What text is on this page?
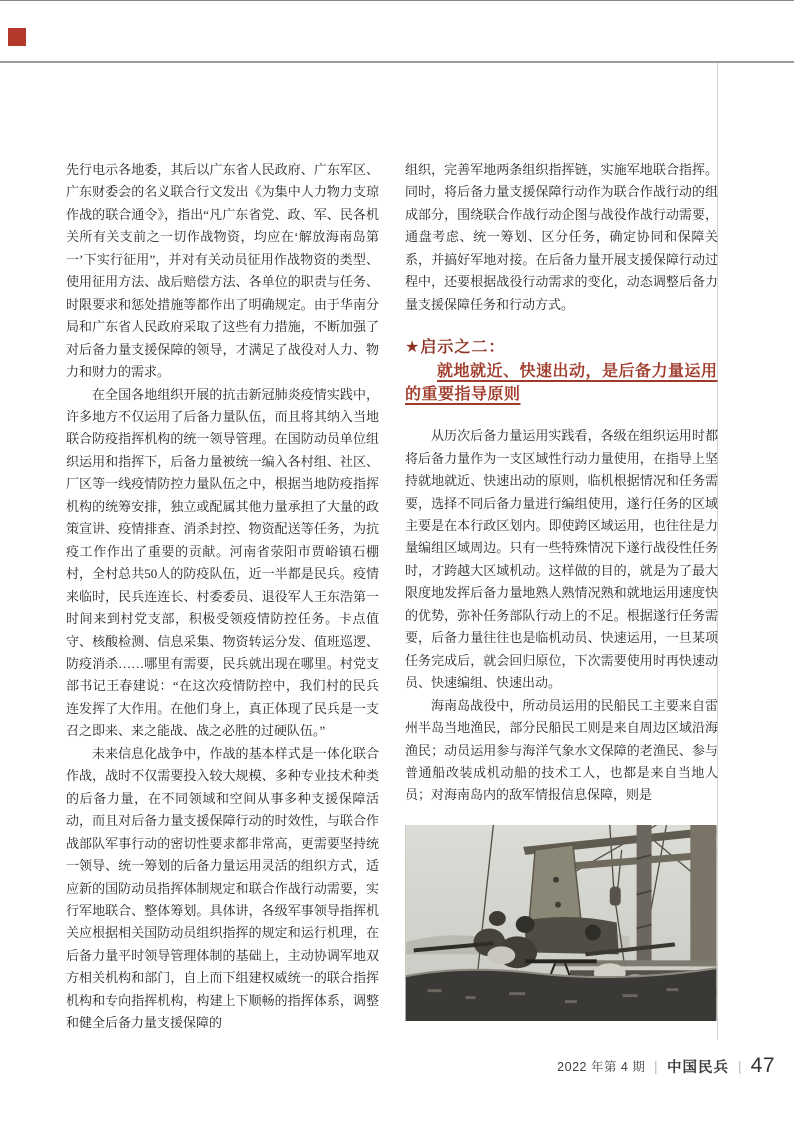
先行电示各地委，其后以广东省人民政府、广东军区、广东财委会的名义联合行文发出《为集中人力物力支琼作战的联合通令》，指出“凡广东省党、政、军、民各机关所有关支前之一切作战物资，均应在‘解放海南岛第一’下实行征用”，并对有关动员征用作战物资的类型、使用征用方法、战后赔偿方法、各单位的职责与任务、时限要求和惩处措施等都作出了明确规定。由于华南分局和广东省人民政府采取了这些有力措施，不断加强了对后备力量支援保障的领导，才满足了战役对人力、物力和财力的需求。

在全国各地组织开展的抗击新冠肺炎疫情实践中，许多地方不仅运用了后备力量队伍，而且将其纳入当地联合防疫指挥机构的统一领导管理。在国防动员单位组织运用和指挥下，后备力量被统一编入各村组、社区、厂区等一线疫情防控力量队伍之中，根据当地防疫指挥机构的统筹安排，独立或配属其他力量承担了大量的政策宣讲、疫情排查、消杀封控、物资配送等任务，为抗疫工作作出了重要的贡献。河南省荥阳市贾峪镇石棚村，全村总共50人的防疫队伍，近一半都是民兵。疫情来临时，民兵连连长、村委委员、退役军人王东浩第一时间来到村党支部，积极受领疫情防控任务。卡点值守、核酸检测、信息采集、物资转运分发、值班巡逻、防疫消杀……哪里有需要，民兵就出现在哪里。村党支部书记王春建说：“在这次疫情防控中，我们村的民兵连发挥了大作用。在他们身上，真正体现了民兵是一支召之即来、来之能战、战之必胜的过硬队伍。”

未来信息化战争中，作战的基本样式是一体化联合作战，战时不仅需要投入较大规模、多种专业技术种类的后备力量，在不同领域和空间从事多种支援保障活动，而且对后备力量支援保障行动的时效性，与联合作战部队军事行动的密切性要求都非常高，更需要坚持统一领导、统一筹划的后备力量运用灵活的组织方式，适应新的国防动员指挥体制规定和联合作战行动需要，实行军地联合、整体筹划。具体讲，各级军事领导指挥机关应根据相关国防动员组织指挥的规定和运行机理，在后备力量平时领导管理体制的基础上，主动协调军地双方相关机构和部门，自上而下组建权威统一的联合指挥机构和专向指挥机构，构建上下顺畅的指挥体系，调整和健全后备力量支援保障的

组织，完善军地两条组织指挥链，实施军地联合指挥。同时，将后备力量支援保障行动作为联合作战行动的组成部分，围绕联合作战行动企图与战役作战行动需要，通盘考虑、统一筹划、区分任务，确定协同和保障关系，并搞好军地对接。在后备力量开展支援保障行动过程中，还要根据战役行动需求的变化，动态调整后备力量支援保障任务和行动方式。

★启示之二：
就地就近、快速出动，是后备力量运用的重要指导原则

从历次后备力量运用实践看，各级在组织运用时都将后备力量作为一支区域性行动力量使用，在指导上坚持就地就近、快速出动的原则，临机根据情况和任务需要，选择不同后备力量进行编组使用，遂行任务的区域主要是在本行政区划内。即使跨区域运用，也往往是力量编组区域周边。只有一些特殊情况下遂行战役性任务时，才跨越大区域机动。这样做的目的，就是为了最大限度地发挥后备力量地熟人熟情况熟和就地运用速度快的优势，弥补任务部队行动上的不足。根据遂行任务需要，后备力量往往也是临机动员、快速运用，一旦某项任务完成后，就会回归原位，下次需要使用时再快速动员、快速编组、快速出动。

海南岛战役中，所动员运用的民船民工主要来自雷州半岛当地渔民，部分民船民工则是来自周边区域沿海渔民；动员运用参与海洋气象水文保障的老渔民、参与普通船改装成机动船的技术工人，也都是来自当地人员；对海南岛内的敌军情报信息保障，则是

2022 年第 4 期 | 中国民兵 | 47
